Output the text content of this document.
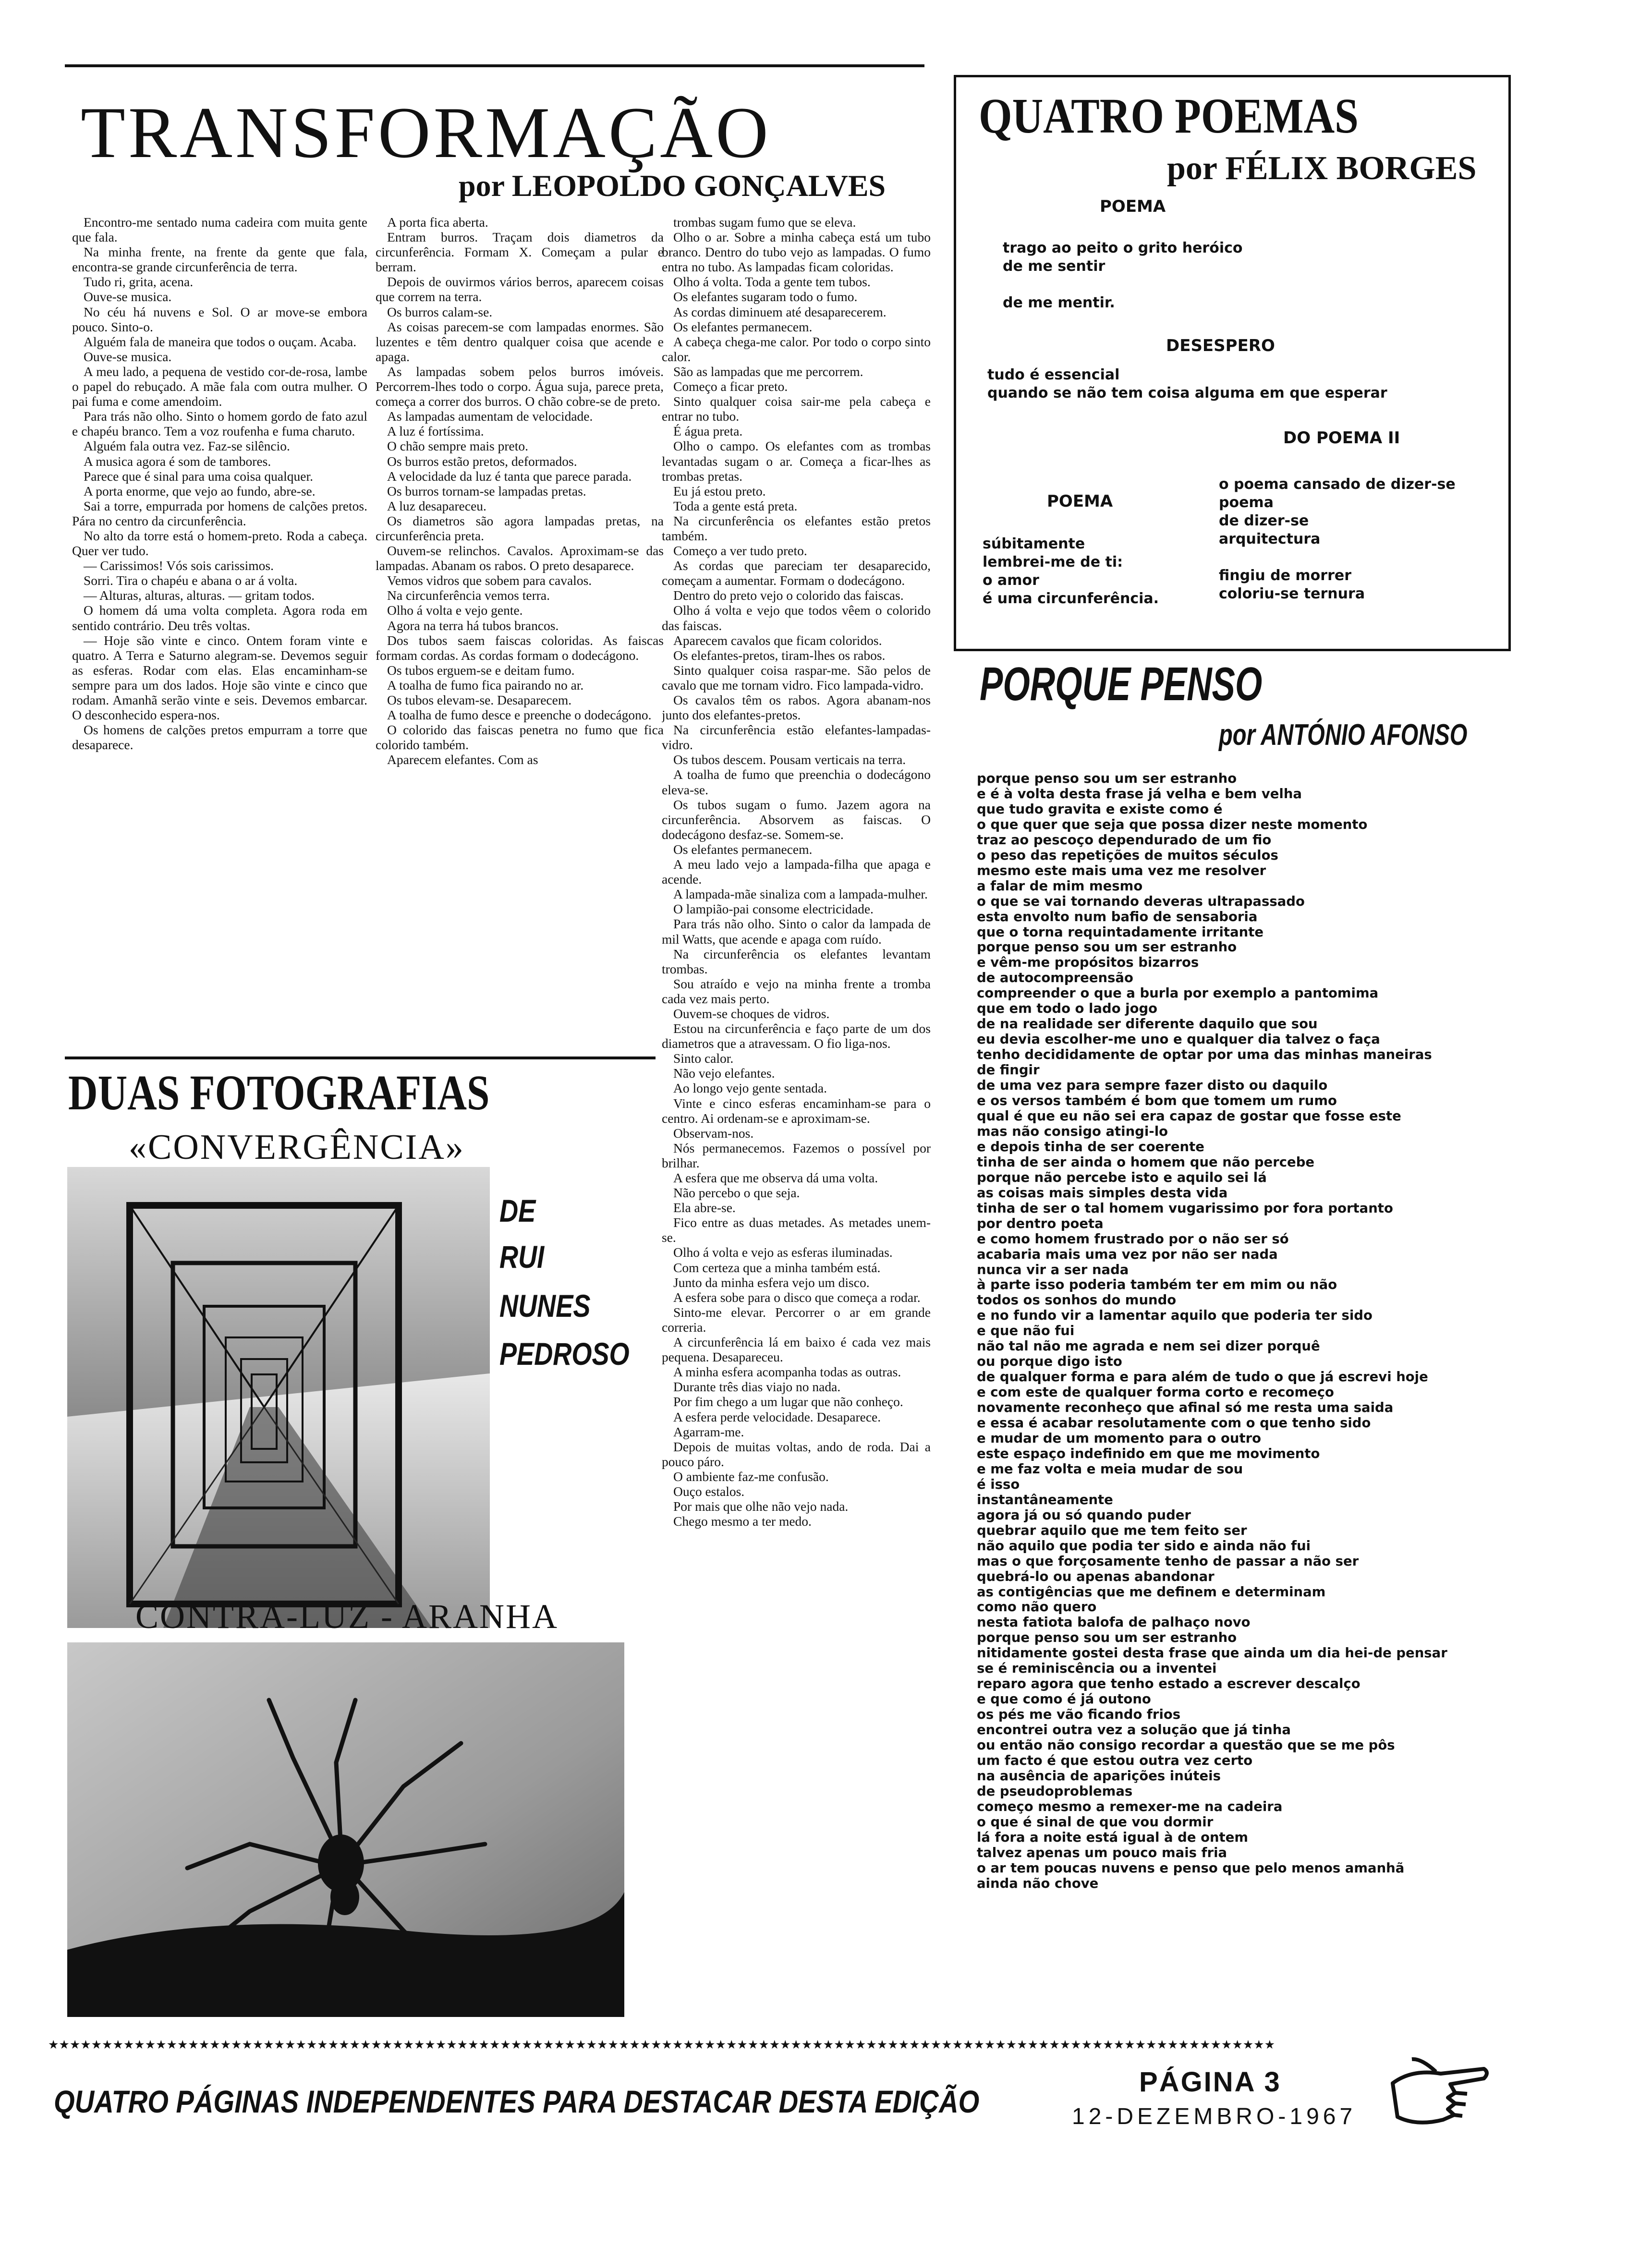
TRANSFORMAÇÃO
por LEOPOLDO GONÇALVES

Encontro-me sentado numa cadeira com muita gente que fala.

Na minha frente, na frente da gente que fala, encontra-se grande circunferência de terra.

Tudo ri, grita, acena.

Ouve-se musica.

No céu há nuvens e Sol. O ar move-se embora pouco. Sinto-o.

Alguém fala de maneira que todos o ouçam. Acaba.

Ouve-se musica.

A meu lado, a pequena de vestido cor-de-rosa, lambe o papel do rebuçado. A mãe fala com outra mulher. O pai fuma e come amendoim.

Para trás não olho. Sinto o homem gordo de fato azul e chapéu branco. Tem a voz roufenha e fuma charuto.

Alguém fala outra vez. Faz-se silêncio.

A musica agora é som de tambores.

Parece que é sinal para uma coisa qualquer.

A porta enorme, que vejo ao fundo, abre-se.

Sai a torre, empurrada por homens de calções pretos. Pára no centro da circunferência.

No alto da torre está o homem-preto. Roda a cabeça. Quer ver tudo.

— Carissimos! Vós sois carissimos.

Sorri. Tira o chapéu e abana o ar á volta.

— Alturas, alturas, alturas. — gritam todos.

O homem dá uma volta completa. Agora roda em sentido contrário. Deu três voltas.

— Hoje são vinte e cinco. Ontem foram vinte e quatro. A Terra e Saturno alegram-se. Devemos seguir as esferas. Rodar com elas. Elas encaminham-se sempre para um dos lados. Hoje são vinte e cinco que rodam. Amanhã serão vinte e seis. Devemos embarcar. O desconhecido espera-nos.

Os homens de calções pretos empurram a torre que desaparece.

A porta fica aberta.

Entram burros. Traçam dois diametros da circunferência. Formam X. Começam a pular e berram.

Depois de ouvirmos vários berros, aparecem coisas que correm na terra.

Os burros calam-se.

As coisas parecem-se com lampadas enormes. São luzentes e têm dentro qualquer coisa que acende e apaga.

As lampadas sobem pelos burros imóveis. Percorrem-lhes todo o corpo. Água suja, parece preta, começa a correr dos burros. O chão cobre-se de preto.

As lampadas aumentam de velocidade.

A luz é fortíssima.

O chão sempre mais preto.

Os burros estão pretos, deformados.

A velocidade da luz é tanta que parece parada.

Os burros tornam-se lampadas pretas.

A luz desapareceu.

Os diametros são agora lampadas pretas, na circunferência preta.

Ouvem-se relinchos. Cavalos. Aproximam-se das lampadas. Abanam os rabos. O preto desaparece.

Vemos vidros que sobem para cavalos.

Na circunferência vemos terra.

Olho á volta e vejo gente.

Agora na terra há tubos brancos.

Dos tubos saem faiscas coloridas. As faiscas formam cordas. As cordas formam o dodecágono.

Os tubos erguem-se e deitam fumo.

A toalha de fumo fica pairando no ar.

Os tubos elevam-se. Desaparecem.

A toalha de fumo desce e preenche o dodecágono.

O colorido das faiscas penetra no fumo que fica colorido também.

Aparecem elefantes. Com as

trombas sugam fumo que se eleva.

Olho o ar. Sobre a minha cabeça está um tubo branco. Dentro do tubo vejo as lampadas. O fumo entra no tubo. As lampadas ficam coloridas.

Olho á volta. Toda a gente tem tubos.

Os elefantes sugaram todo o fumo.

As cordas diminuem até desaparecerem.

Os elefantes permanecem.

A cabeça chega-me calor. Por todo o corpo sinto calor.

São as lampadas que me percorrem.

Começo a ficar preto.

Sinto qualquer coisa sair-me pela cabeça e entrar no tubo.

É água preta.

Olho o campo. Os elefantes com as trombas levantadas sugam o ar. Começa a ficar-lhes as trombas pretas.

Eu já estou preto.

Toda a gente está preta.

Na circunferência os elefantes estão pretos também.

Começo a ver tudo preto.

As cordas que pareciam ter desaparecido, começam a aumentar. Formam o dodecágono.

Dentro do preto vejo o colorido das faiscas.

Olho á volta e vejo que todos vêem o colorido das faiscas.

Aparecem cavalos que ficam coloridos.

Os elefantes-pretos, tiram-lhes os rabos.

Sinto qualquer coisa raspar-me. São pelos de cavalo que me tornam vidro. Fico lampada-vidro.

Os cavalos têm os rabos. Agora abanam-nos junto dos elefantes-pretos.

Na circunferência estão elefantes-lampadas-vidro.

Os tubos descem. Pousam verticais na terra.

A toalha de fumo que preenchia o dodecágono eleva-se.

Os tubos sugam o fumo. Jazem agora na circunferência. Absorvem as faiscas. O dodecágono desfaz-se. Somem-se.

Os elefantes permanecem.

A meu lado vejo a lampada-filha que apaga e acende.

A lampada-mãe sinaliza com a lampada-mulher.

O lampião-pai consome electricidade.

Para trás não olho. Sinto o calor da lampada de mil Watts, que acende e apaga com ruído.

Na circunferência os elefantes levantam trombas.

Sou atraído e vejo na minha frente a tromba cada vez mais perto.

Ouvem-se choques de vidros.

Estou na circunferência e faço parte de um dos diametros que a atravessam. O fio liga-nos.

Sinto calor.

Não vejo elefantes.

Ao longo vejo gente sentada.

Vinte e cinco esferas encaminham-se para o centro. Ai ordenam-se e aproximam-se.

Observam-nos.

Nós permanecemos. Fazemos o possível por brilhar.

A esfera que me observa dá uma volta.

Não percebo o que seja.

Ela abre-se.

Fico entre as duas metades. As metades unem-se.

Olho á volta e vejo as esferas iluminadas.

Com certeza que a minha também está.

Junto da minha esfera vejo um disco.

A esfera sobe para o disco que começa a rodar.

Sinto-me elevar. Percorrer o ar em grande correria.

A circunferência lá em baixo é cada vez mais pequena. Desapareceu.

A minha esfera acompanha todas as outras.

Durante três dias viajo no nada.

Por fim chego a um lugar que não conheço.

A esfera perde velocidade. Desaparece.

Agarram-me.

Depois de muitas voltas, ando de roda. Dai a pouco páro.

O ambiente faz-me confusão.

Ouço estalos.

Por mais que olhe não vejo nada.

Chego mesmo a ter medo.

QUATRO POEMAS
por FÉLIX BORGES
POEMA
trago ao peito o grito heróico
de me sentir
de me mentir.
DESESPERO
tudo é essencial
quando se não tem coisa alguma em que esperar
DO POEMA II
o poema cansado de dizer-se
poema
de dizer-se
arquitectura
fingiu de morrer
coloriu-se ternura
POEMA
súbitamente
lembrei-me de ti:
o amor
é uma circunferência.
PORQUE PENSO
por ANTÓNIO AFONSO
porque penso sou um ser estranho
e é à volta desta frase já velha e bem velha
que tudo gravita e existe como é
o que quer que seja que possa dizer neste momento
traz ao pescoço dependurado de um fio
o peso das repetições de muitos séculos
mesmo este mais uma vez me resolver
a falar de mim mesmo
o que se vai tornando deveras ultrapassado
esta envolto num bafio de sensaboria
que o torna requintadamente irritante
porque penso sou um ser estranho
e vêm-me propósitos bizarros
de autocompreensão
compreender o que a burla por exemplo a pantomima
que em todo o lado jogo
de na realidade ser diferente daquilo que sou
eu devia escolher-me uno e qualquer dia talvez o faça
tenho decididamente de optar por uma das minhas maneiras
de fingir
de uma vez para sempre fazer disto ou daquilo
e os versos também é bom que tomem um rumo
qual é que eu não sei era capaz de gostar que fosse este
mas não consigo atingi-lo
e depois tinha de ser coerente
tinha de ser ainda o homem que não percebe
porque não percebe isto e aquilo sei lá
as coisas mais simples desta vida
tinha de ser o tal homem vugarissimo por fora portanto
por dentro poeta
e como homem frustrado por o não ser só
acabaria mais uma vez por não ser nada
nunca vir a ser nada
à parte isso poderia também ter em mim ou não
todos os sonhos do mundo
e no fundo vir a lamentar aquilo que poderia ter sido
e que não fui
não tal não me agrada e nem sei dizer porquê
ou porque digo isto
de qualquer forma e para além de tudo o que já escrevi hoje
e com este de qualquer forma corto e recomeço
novamente reconheço que afinal só me resta uma saida
e essa é acabar resolutamente com o que tenho sido
e mudar de um momento para o outro
este espaço indefinido em que me movimento
e me faz volta e meia mudar de sou
é isso
instantâneamente
agora já ou só quando puder
quebrar aquilo que me tem feito ser
não aquilo que podia ter sido e ainda não fui
mas o que forçosamente tenho de passar a não ser
quebrá-lo ou apenas abandonar
as contigências que me definem e determinam
como não quero
nesta fatiota balofa de palhaço novo
porque penso sou um ser estranho
nitidamente gostei desta frase que ainda um dia hei-de pensar
se é reminiscência ou a inventei
reparo agora que tenho estado a escrever descalço
e que como é já outono
os pés me vão ficando frios
encontrei outra vez a solução que já tinha
ou então não consigo recordar a questão que se me pôs
um facto é que estou outra vez certo
na ausência de aparições inúteis
de pseudoproblemas
começo mesmo a remexer-me na cadeira
o que é sinal de que vou dormir
lá fora a noite está igual à de ontem
talvez apenas um pouco mais fria
o ar tem poucas nuvens e penso que pelo menos amanhã
ainda não chove
DUAS FOTOGRAFIAS
«CONVERGÊNCIA»
DE
RUI
NUNES
PEDROSO
CONTRA-LUZ - ARANHA
★★★★★★★★★★★★★★★★★★★★★★★★★★★★★★★★★★★★★★★★★★★★★★★★★★★★★★★★★★★★★★★★★★★★★★★★★★★★★★★★★★★★★★★★★★★★★★★★★★★★★★★★★★★★★★★★★★
PÁGINA 3
QUATRO PÁGINAS INDEPENDENTES PARA DESTACAR DESTA EDIÇÃO	12-DEZEMBRO-1967
